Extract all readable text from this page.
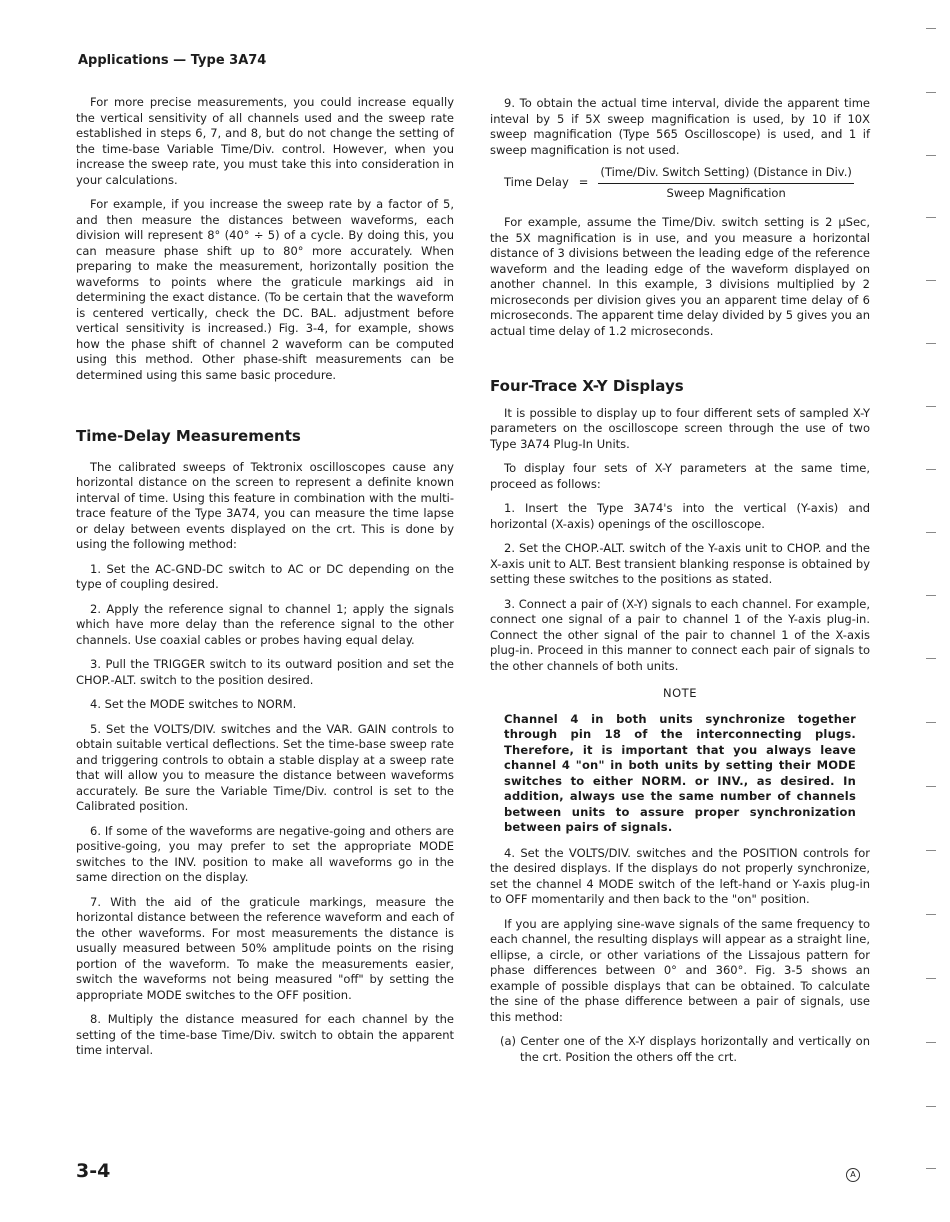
Applications — Type 3A74

For more precise measurements, you could increase equally the vertical sensitivity of all channels used and the sweep rate established in steps 6, 7, and 8, but do not change the setting of the time-base Variable Time/Div. control. However, when you increase the sweep rate, you must take this into consideration in your calculations.

For example, if you increase the sweep rate by a factor of 5, and then measure the distances between waveforms, each division will represent 8° (40° ÷ 5) of a cycle. By doing this, you can measure phase shift up to 80° more accurately. When preparing to make the measurement, horizontally position the waveforms to points where the graticule markings aid in determining the exact distance. (To be certain that the waveform is centered vertically, check the DC. BAL. adjustment before vertical sensitivity is increased.) Fig. 3-4, for example, shows how the phase shift of channel 2 waveform can be computed using this method. Other phase-shift measurements can be determined using this same basic procedure.

Time-Delay Measurements

The calibrated sweeps of Tektronix oscilloscopes cause any horizontal distance on the screen to represent a definite known interval of time. Using this feature in combination with the multi-trace feature of the Type 3A74, you can measure the time lapse or delay between events displayed on the crt. This is done by using the following method:

1. Set the AC-GND-DC switch to AC or DC depending on the type of coupling desired.

2. Apply the reference signal to channel 1; apply the signals which have more delay than the reference signal to the other channels. Use coaxial cables or probes having equal delay.

3. Pull the TRIGGER switch to its outward position and set the CHOP.-ALT. switch to the position desired.

4. Set the MODE switches to NORM.

5. Set the VOLTS/DIV. switches and the VAR. GAIN controls to obtain suitable vertical deflections. Set the time-base sweep rate and triggering controls to obtain a stable display at a sweep rate that will allow you to measure the distance between waveforms accurately. Be sure the Variable Time/Div. control is set to the Calibrated position.

6. If some of the waveforms are negative-going and others are positive-going, you may prefer to set the appropriate MODE switches to the INV. position to make all waveforms go in the same direction on the display.

7. With the aid of the graticule markings, measure the horizontal distance between the reference waveform and each of the other waveforms. For most measurements the distance is usually measured between 50% amplitude points on the rising portion of the waveform. To make the measurements easier, switch the waveforms not being measured "off" by setting the appropriate MODE switches to the OFF position.

8. Multiply the distance measured for each channel by the setting of the time-base Time/Div. switch to obtain the apparent time interval.

9. To obtain the actual time interval, divide the apparent time inteval by 5 if 5X sweep magnification is used, by 10 if 10X sweep magnification (Type 565 Oscilloscope) is used, and 1 if sweep magnification is not used.

Time Delay = $\frac{\text{(Time/Div. Switch Setting) (Distance in Div.)}}{\text{Sweep Magnification}}$

For example, assume the Time/Div. switch setting is 2 μSec, the 5X magnification is in use, and you measure a horizontal distance of 3 divisions between the leading edge of the reference waveform and the leading edge of the waveform displayed on another channel. In this example, 3 divisions multiplied by 2 microseconds per division gives you an apparent time delay of 6 microseconds. The apparent time delay divided by 5 gives you an actual time delay of 1.2 microseconds.

Four-Trace X-Y Displays

It is possible to display up to four different sets of sampled X-Y parameters on the oscilloscope screen through the use of two Type 3A74 Plug-In Units.

To display four sets of X-Y parameters at the same time, proceed as follows:

1. Insert the Type 3A74's into the vertical (Y-axis) and horizontal (X-axis) openings of the oscilloscope.

2. Set the CHOP.-ALT. switch of the Y-axis unit to CHOP. and the X-axis unit to ALT. Best transient blanking response is obtained by setting these switches to the positions as stated.

3. Connect a pair of (X-Y) signals to each channel. For example, connect one signal of a pair to channel 1 of the Y-axis plug-in. Connect the other signal of the pair to channel 1 of the X-axis plug-in. Proceed in this manner to connect each pair of signals to the other channels of both units.

NOTE
Channel 4 in both units synchronize together through pin 18 of the interconnecting plugs. Therefore, it is important that you always leave channel 4 "on" in both units by setting their MODE switches to either NORM. or INV., as desired. In addition, always use the same number of channels between units to assure proper synchronization between pairs of signals.

4. Set the VOLTS/DIV. switches and the POSITION controls for the desired displays. If the displays do not properly synchronize, set the channel 4 MODE switch of the left-hand or Y-axis plug-in to OFF momentarily and then back to the "on" position.

If you are applying sine-wave signals of the same frequency to each channel, the resulting displays will appear as a straight line, ellipse, a circle, or other variations of the Lissajous pattern for phase differences between 0° and 360°. Fig. 3-5 shows an example of possible displays that can be obtained. To calculate the sine of the phase difference between a pair of signals, use this method:

(a) Center one of the X-Y displays horizontally and vertically on the crt. Position the others off the crt.

3-4	A
